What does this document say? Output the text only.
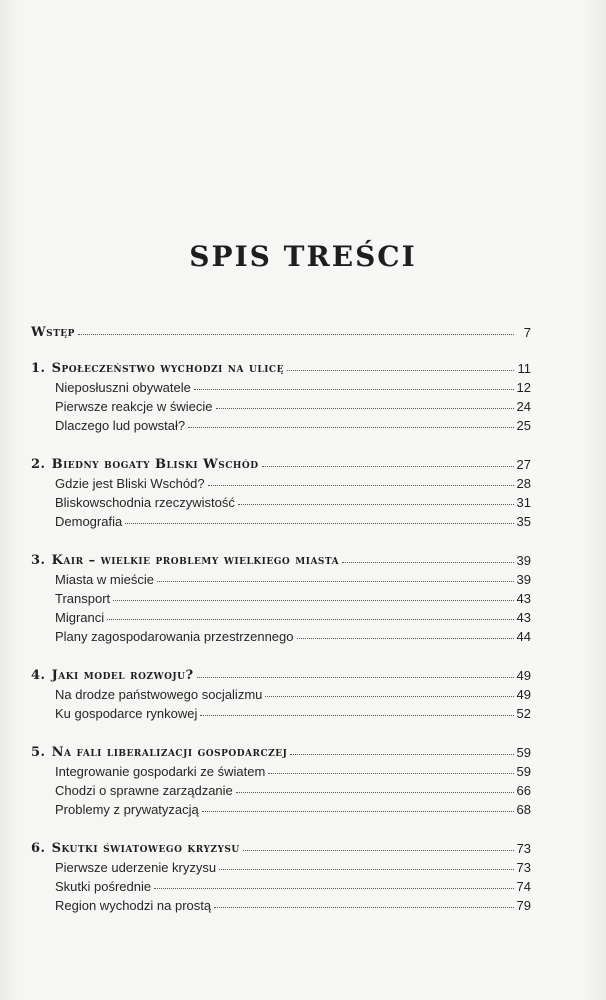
SPIS TREŚCI
Wstęp	7
1. Społeczeństwo wychodzi na ulicę	11
Nieposłuszni obywatele	12
Pierwsze reakcje w świecie	24
Dlaczego lud powstał?	25
2. Biedny bogaty Bliski Wschód	27
Gdzie jest Bliski Wschód?	28
Bliskowschodnia rzeczywistość	31
Demografia	35
3. Kair – wielkie problemy wielkiego miasta	39
Miasta w mieście	39
Transport	43
Migranci	43
Plany zagospodarowania przestrzennego	44
4. Jaki model rozwoju?	49
Na drodze państwowego socjalizmu	49
Ku gospodarce rynkowej	52
5. Na fali liberalizacji gospodarczej	59
Integrowanie gospodarki ze światem	59
Chodzi o sprawne zarządzanie	66
Problemy z prywatyzacją	68
6. Skutki światowego kryzysu	73
Pierwsze uderzenie kryzysu	73
Skutki pośrednie	74
Region wychodzi na prostą	79
